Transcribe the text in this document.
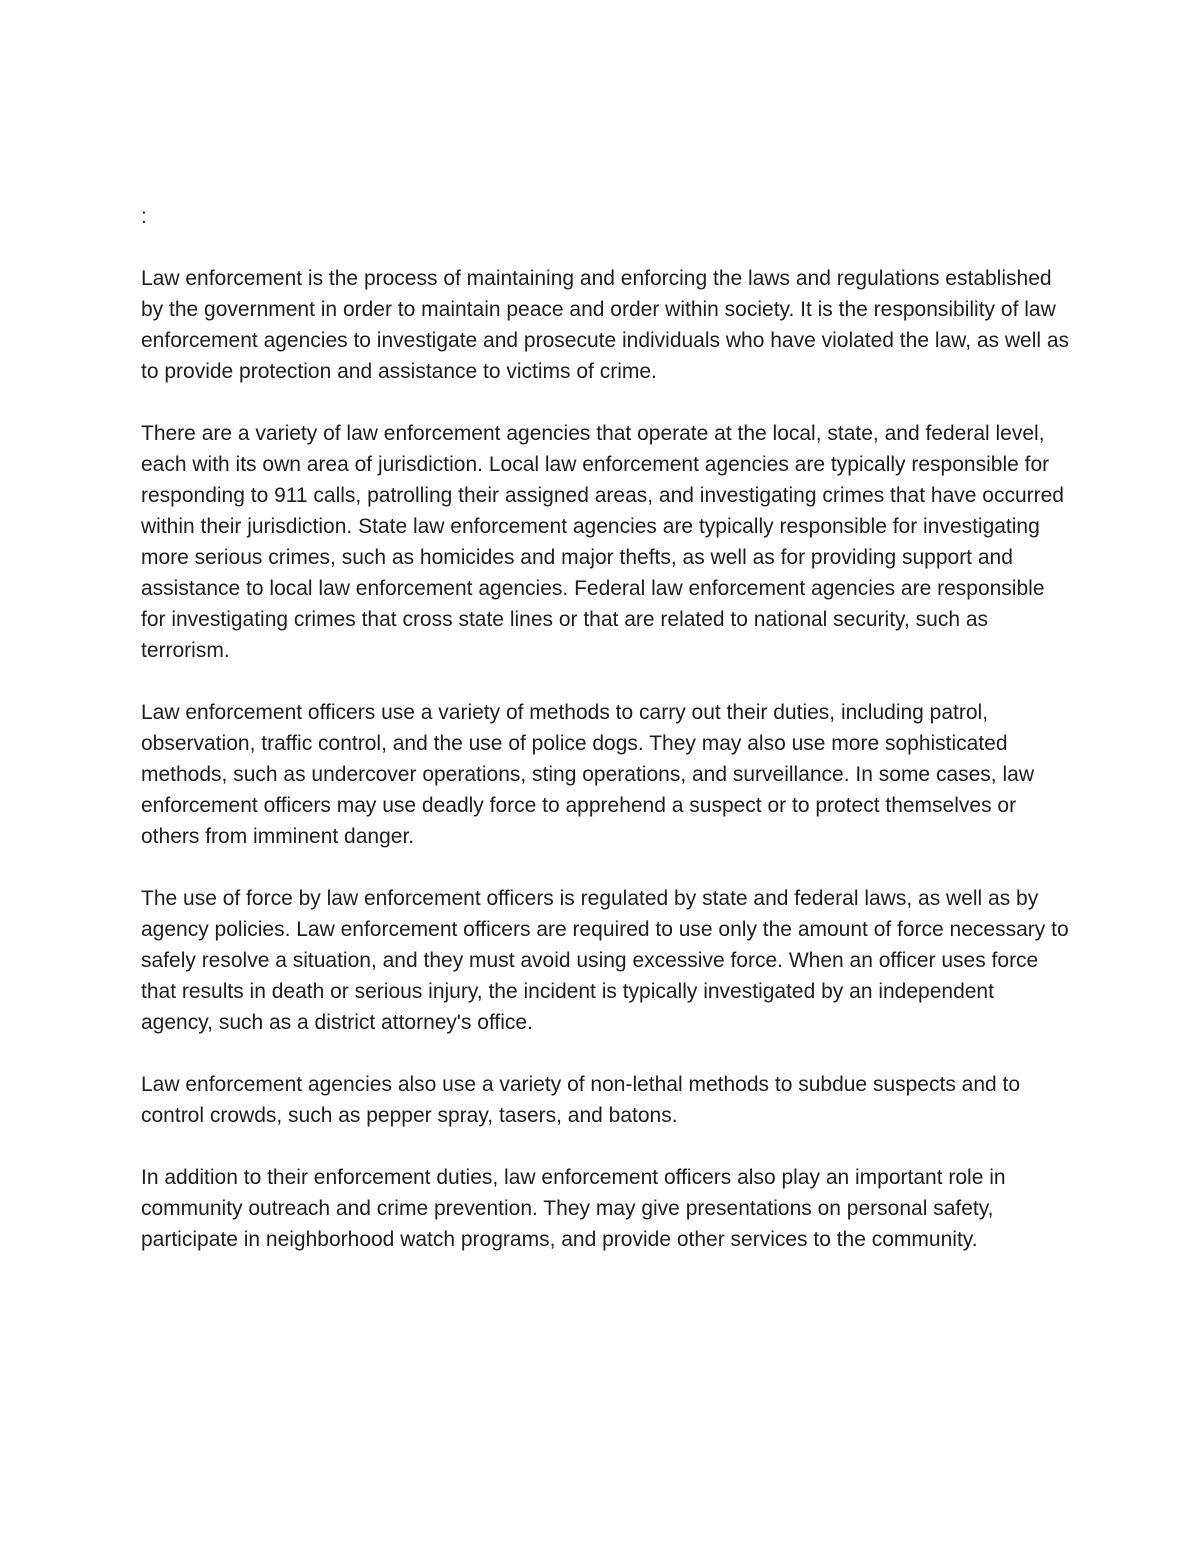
:

Law enforcement is the process of maintaining and enforcing the laws and regulations established by the government in order to maintain peace and order within society. It is the responsibility of law enforcement agencies to investigate and prosecute individuals who have violated the law, as well as to provide protection and assistance to victims of crime.

There are a variety of law enforcement agencies that operate at the local, state, and federal level, each with its own area of jurisdiction. Local law enforcement agencies are typically responsible for responding to 911 calls, patrolling their assigned areas, and investigating crimes that have occurred within their jurisdiction. State law enforcement agencies are typically responsible for investigating more serious crimes, such as homicides and major thefts, as well as for providing support and assistance to local law enforcement agencies. Federal law enforcement agencies are responsible for investigating crimes that cross state lines or that are related to national security, such as terrorism.

Law enforcement officers use a variety of methods to carry out their duties, including patrol, observation, traffic control, and the use of police dogs. They may also use more sophisticated methods, such as undercover operations, sting operations, and surveillance. In some cases, law enforcement officers may use deadly force to apprehend a suspect or to protect themselves or others from imminent danger.

The use of force by law enforcement officers is regulated by state and federal laws, as well as by agency policies. Law enforcement officers are required to use only the amount of force necessary to safely resolve a situation, and they must avoid using excessive force. When an officer uses force that results in death or serious injury, the incident is typically investigated by an independent agency, such as a district attorney's office.

Law enforcement agencies also use a variety of non-lethal methods to subdue suspects and to control crowds, such as pepper spray, tasers, and batons.

In addition to their enforcement duties, law enforcement officers also play an important role in community outreach and crime prevention. They may give presentations on personal safety, participate in neighborhood watch programs, and provide other services to the community.
